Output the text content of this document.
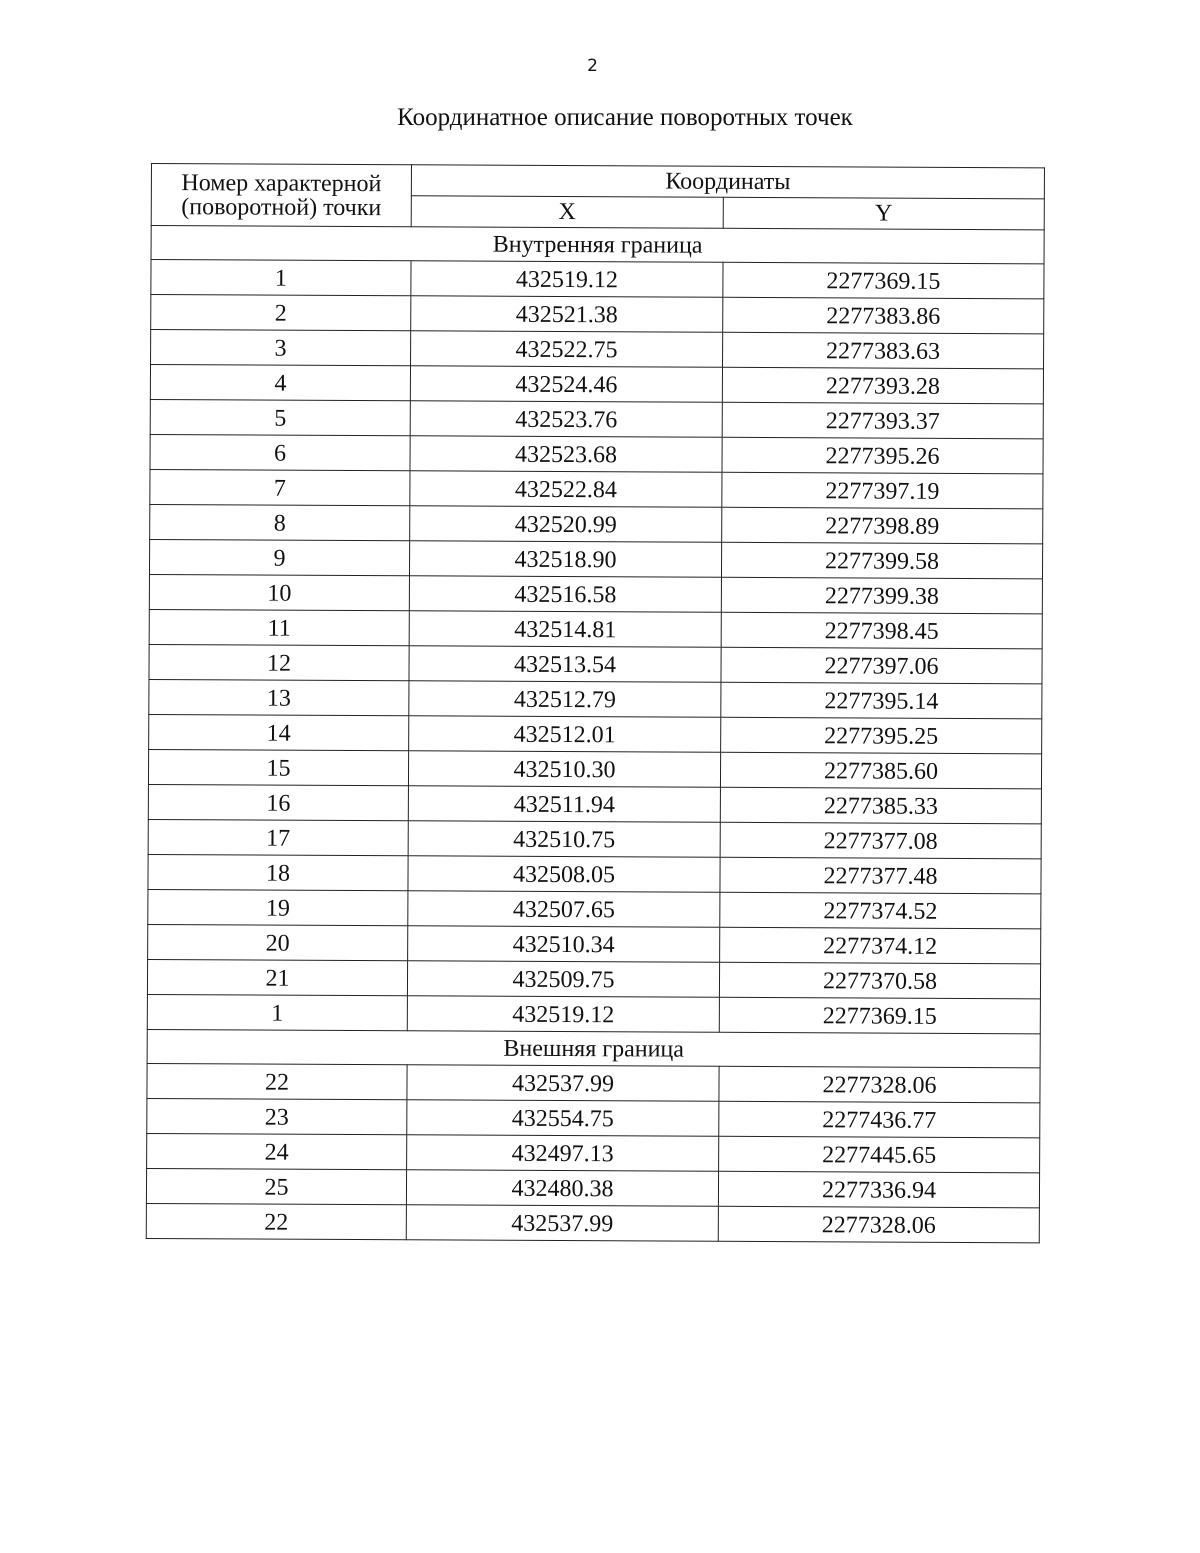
2
Координатное описание поворотных точек
Номер характерной
(поворотной) точки	Координаты	
	X	Y
Внутренняя граница		
1	432519.12	2277369.15
2	432521.38	2277383.86
3	432522.75	2277383.63
4	432524.46	2277393.28
5	432523.76	2277393.37
6	432523.68	2277395.26
7	432522.84	2277397.19
8	432520.99	2277398.89
9	432518.90	2277399.58
10	432516.58	2277399.38
11	432514.81	2277398.45
12	432513.54	2277397.06
13	432512.79	2277395.14
14	432512.01	2277395.25
15	432510.30	2277385.60
16	432511.94	2277385.33
17	432510.75	2277377.08
18	432508.05	2277377.48
19	432507.65	2277374.52
20	432510.34	2277374.12
21	432509.75	2277370.58
1	432519.12	2277369.15
Внешняя граница		
22	432537.99	2277328.06
23	432554.75	2277436.77
24	432497.13	2277445.65
25	432480.38	2277336.94
22	432537.99	2277328.06
